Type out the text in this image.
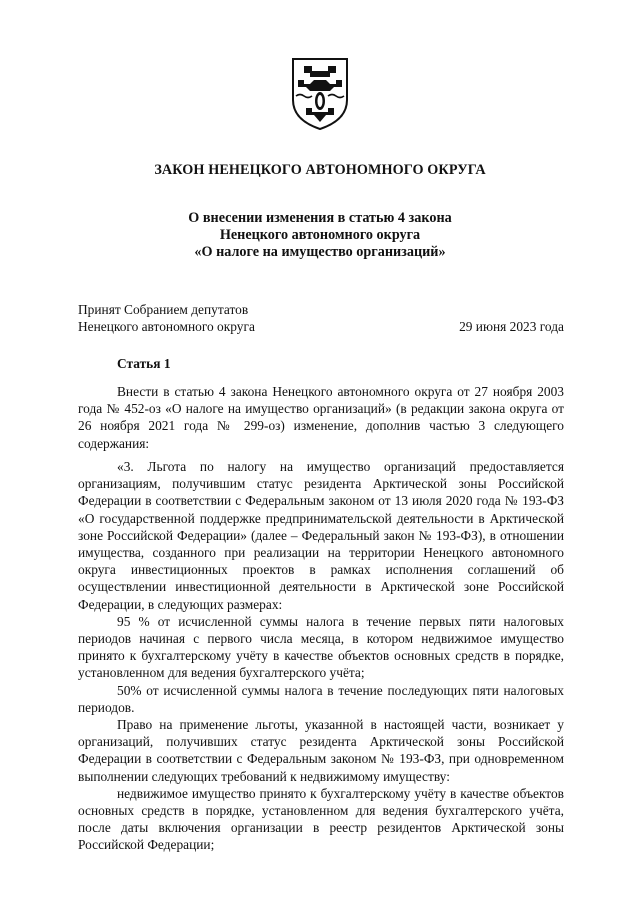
ЗАКОН НЕНЕЦКОГО АВТОНОМНОГО ОКРУГА
О внесении изменения в статью 4 закона
Ненецкого автономного округа
«О налоге на имущество организаций»
Принят Собранием депутатов
Ненецкого автономного округа	29 июня 2023 года
Статья 1

Внести в статью 4 закона Ненецкого автономного округа от 27 ноября 2003 года № 452-оз «О налоге на имущество организаций» (в редакции закона округа от 26 ноября 2021 года № 299-оз) изменение, дополнив частью 3 следующего содержания:

«3. Льгота по налогу на имущество организаций предоставляется организациям, получившим статус резидента Арктической зоны Российской Федерации в соответствии с Федеральным законом от 13 июля 2020 года № 193-ФЗ «О государственной поддержке предпринимательской деятельности в Арктической зоне Российской Федерации» (далее – Федеральный закон № 193-ФЗ), в отношении имущества, созданного при реализации на территории Ненецкого автономного округа инвестиционных проектов в рамках исполнения соглашений об осуществлении инвестиционной деятельности в Арктической зоне Российской Федерации, в следующих размерах:

95 % от исчисленной суммы налога в течение первых пяти налоговых периодов начиная с первого числа месяца, в котором недвижимое имущество принято к бухгалтерскому учёту в качестве объектов основных средств в порядке, установленном для ведения бухгалтерского учёта;

50% от исчисленной суммы налога в течение последующих пяти налоговых периодов.

Право на применение льготы, указанной в настоящей части, возникает у организаций, получивших статус резидента Арктической зоны Российской Федерации в соответствии с Федеральным законом № 193-ФЗ, при одновременном выполнении следующих требований к недвижимому имуществу:

недвижимое имущество принято к бухгалтерскому учёту в качестве объектов основных средств в порядке, установленном для ведения бухгалтерского учёта, после даты включения организации в реестр резидентов Арктической зоны Российской Федерации;
